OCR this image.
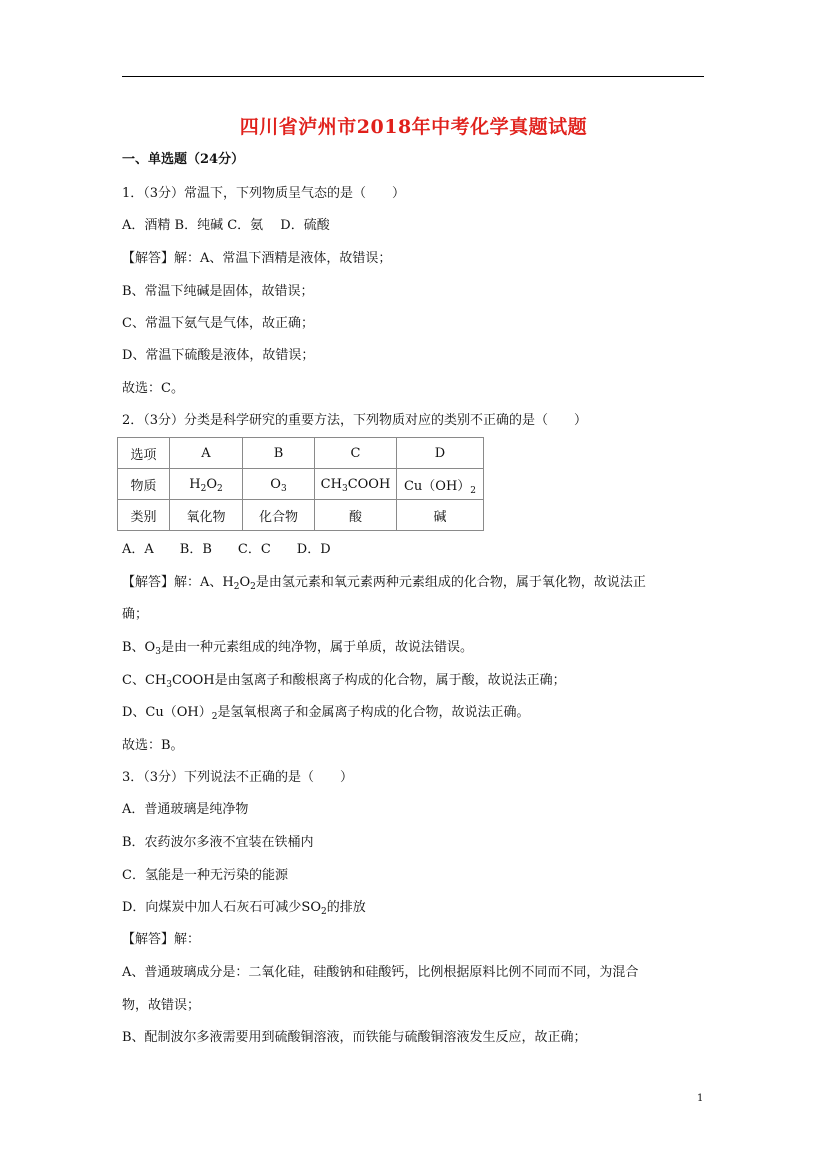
四川省泸州市2018年中考化学真题试题
一、单选题（24分）
1．（3分）常温下，下列物质呈气态的是（　　）
A．酒精 B．纯碱 C．氨　 D．硫酸
【解答】解：A、常温下酒精是液体，故错误；
B、常温下纯碱是固体，故错误；
C、常温下氨气是气体，故正确；
D、常温下硫酸是液体，故错误；
故选：C。
2．（3分）分类是科学研究的重要方法，下列物质对应的类别不正确的是（　　）
选项	A	B	C	D
物质	$H_2O_2$	$O_3$	$CH_3COOH$	$Cu(OH)_2$
类别	氧化物	化合物	酸	碱
A．A　　B．B　　C．C　　D．D
【解答】解：A、$H_2O_2$是由氢元素和氧元素两种元素组成的化合物，属于氧化物，故说法正
确；
B、$O_3$是由一种元素组成的纯净物，属于单质，故说法错误。
C、$CH_3COOH$是由氢离子和酸根离子构成的化合物，属于酸，故说法正确；
D、$Cu(OH)_2$是氢氧根离子和金属离子构成的化合物，故说法正确。
故选：B。
3．（3分）下列说法不正确的是（　　）
A．普通玻璃是纯净物
B．农药波尔多液不宜装在铁桶内
C．氢能是一种无污染的能源
D．向煤炭中加人石灰石可减少$SO_2$的排放
【解答】解：
A、普通玻璃成分是：二氧化硅，硅酸钠和硅酸钙，比例根据原料比例不同而不同，为混合
物，故错误；
B、配制波尔多液需要用到硫酸铜溶液，而铁能与硫酸铜溶液发生反应，故正确；
1
